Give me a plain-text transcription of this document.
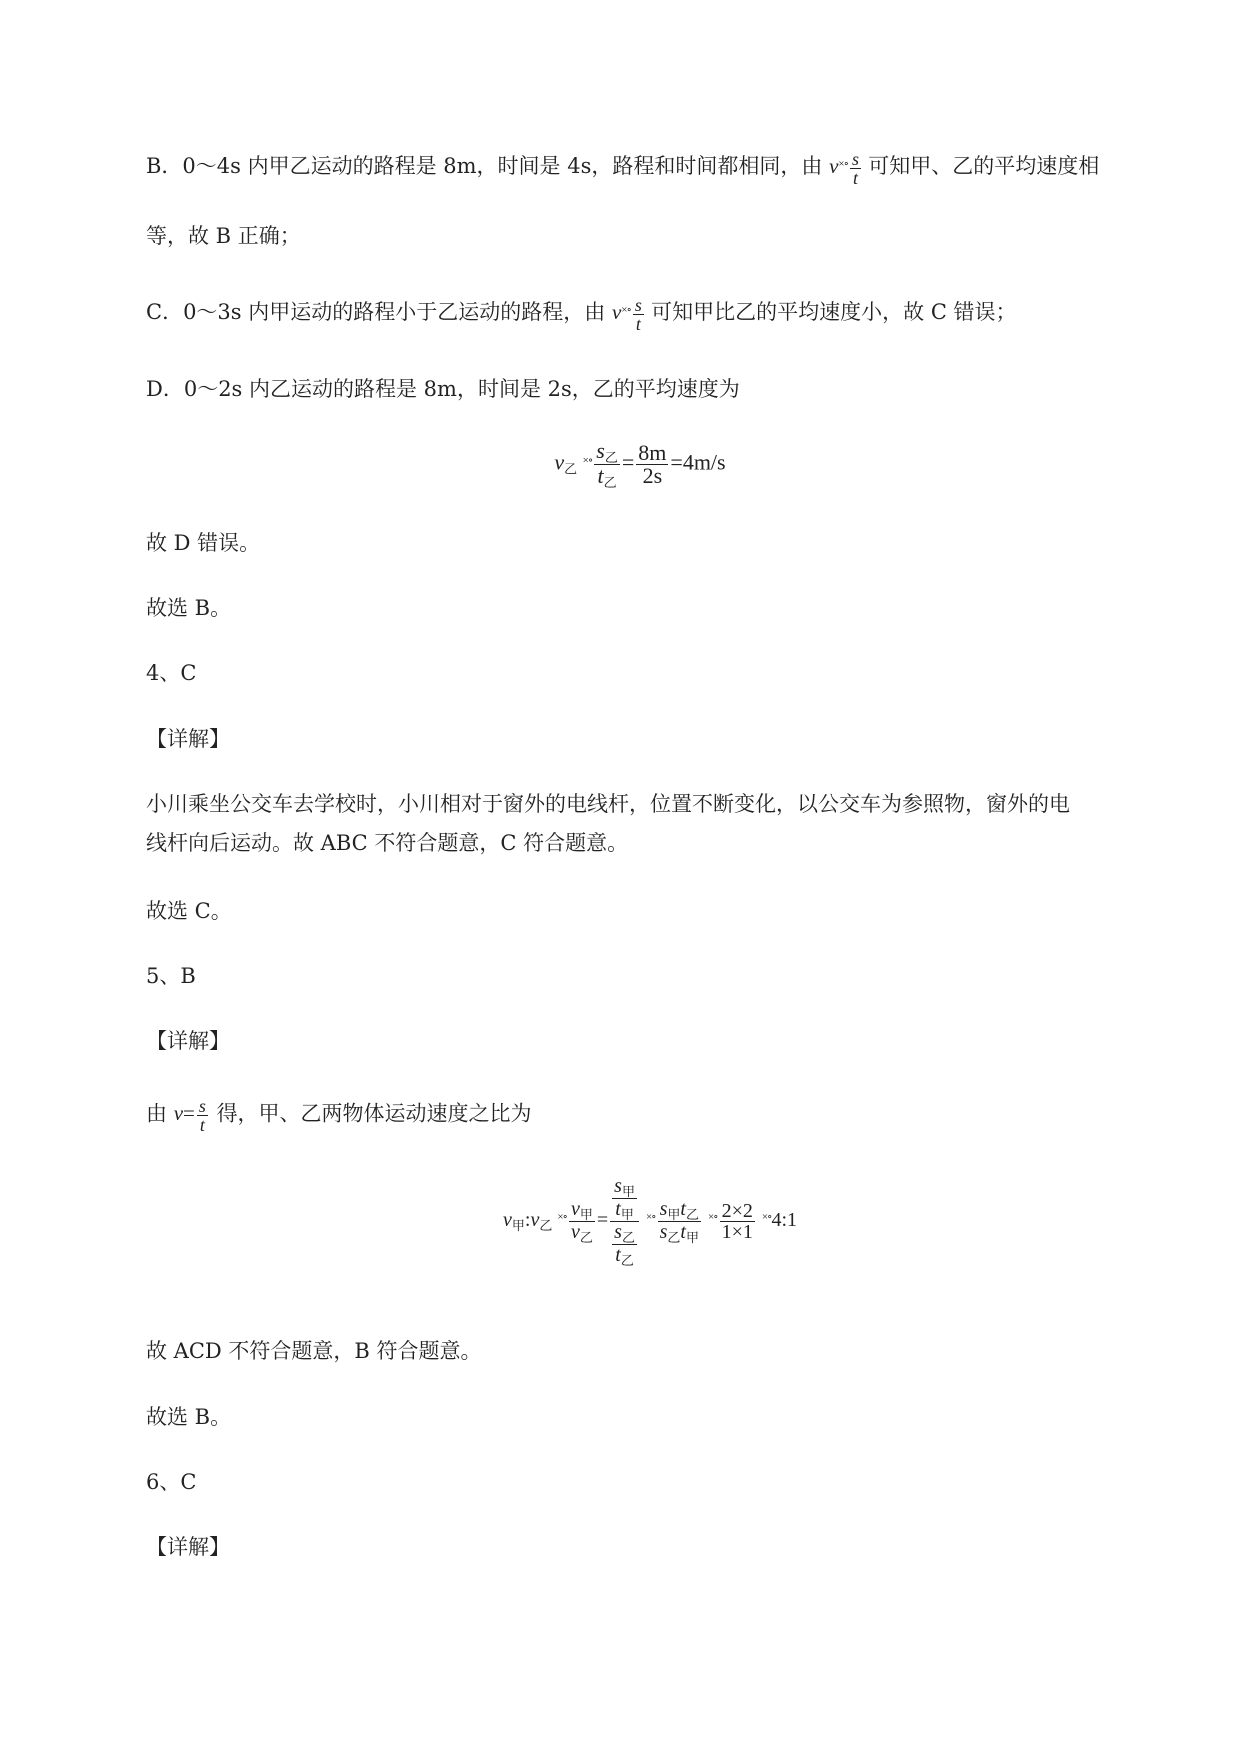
B．0～4s 内甲乙运动的路程是 8m，时间是 4s，路程和时间都相同，由 $v^{\times\circ} \frac{s}{t}$ 可知甲、乙的平均速度相
等，故 B 正确；
C．0～3s 内甲运动的路程小于乙运动的路程，由 $v^{\times\circ} \frac{s}{t}$ 可知甲比乙的平均速度小，故 C 错误；
D．0～2s 内乙运动的路程是 8m，时间是 2s，乙的平均速度为
$v_乙$ $^{\times\circ} \frac{s_乙}{t_乙} = \frac{8m}{2s} =4m/s$
故 D 错误。
故选 B。
4、C
【详解】
小川乘坐公交车去学校时，小川相对于窗外的电线杆，位置不断变化，以公交车为参照物，窗外的电
线杆向后运动。故 ABC 不符合题意，C 符合题意。
故选 C。
5、B
【详解】
由 $v= \frac{s}{t}$ 得，甲、乙两物体运动速度之比为
$v_甲:v_乙$ $^{\times\circ} \frac{v_甲}{v_乙} = \frac{\frac{s_甲}{t_甲}}{\frac{s_乙}{t_乙}} ^{\times\circ} \frac{s_甲t_乙}{s_乙t_甲} ^{\times\circ} \frac{2\times 2}{1\times 1}$ ×∘4:1
故 ACD 不符合题意，B 符合题意。
故选 B。
6、C
【详解】
